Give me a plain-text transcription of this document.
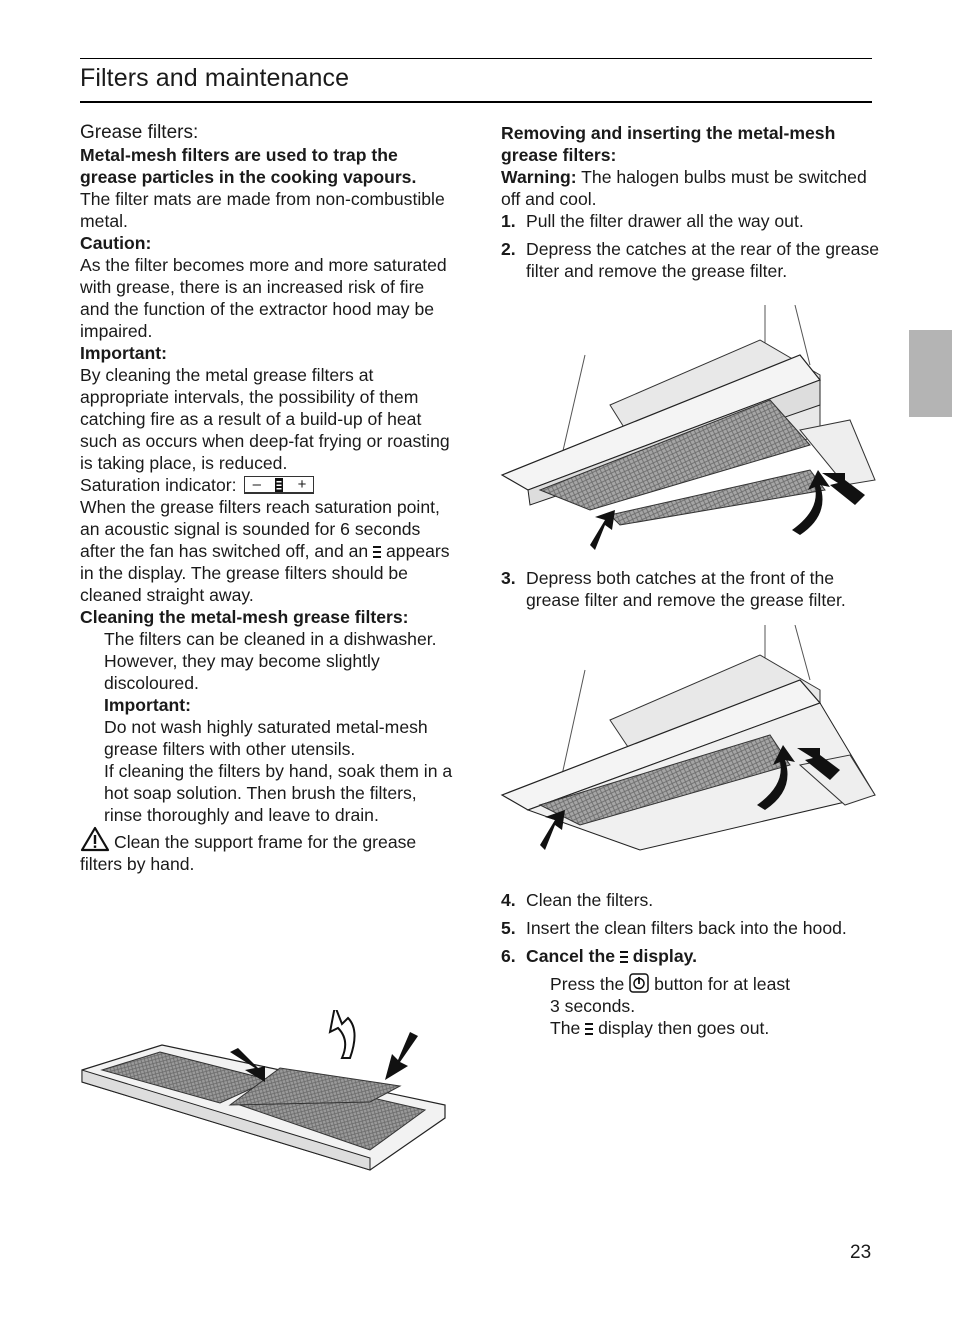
Filters and maintenance

Grease filters:

Metal-mesh filters are used to trap the grease particles in the cooking vapours.

The filter mats are made from non-combustible metal.

Caution:

As the filter becomes more and more saturated with grease, there is an increased risk of fire and the function of the extractor hood may be impaired.

Important:

By cleaning the metal grease filters at appropriate intervals, the possibility of them catching fire as a result of a build-up of heat such as occurs when deep-fat frying or roasting is taking place, is reduced.

Saturation indicator: – +

When the grease filters reach saturation point, an acoustic signal is sounded for 6 seconds after the fan has switched off, and an appears in the display. The grease filters should be cleaned straight away.

Cleaning the metal-mesh grease filters:

The filters can be cleaned in a dishwasher. However, they may become slightly discoloured.

Important:

Do not wash highly saturated metal-mesh grease filters with other utensils.

If cleaning the filters by hand, soak them in a hot soap solution. Then brush the filters, rinse thoroughly and leave to drain.

Clean the support frame for the grease filters by hand.

Removing and inserting the metal-mesh grease filters:

Warning: The halogen bulbs must be switched off and cool.

1. Pull the filter drawer all the way out.
2. Depress the catches at the rear of the grease filter and remove the grease filter.
3. Depress both catches at the front of the grease filter and remove the grease filter.
4. Clean the filters.
5. Insert the clean filters back into the hood.
6. Cancel the display.

Press the button for at least

3 seconds.

The display then goes out.

23
